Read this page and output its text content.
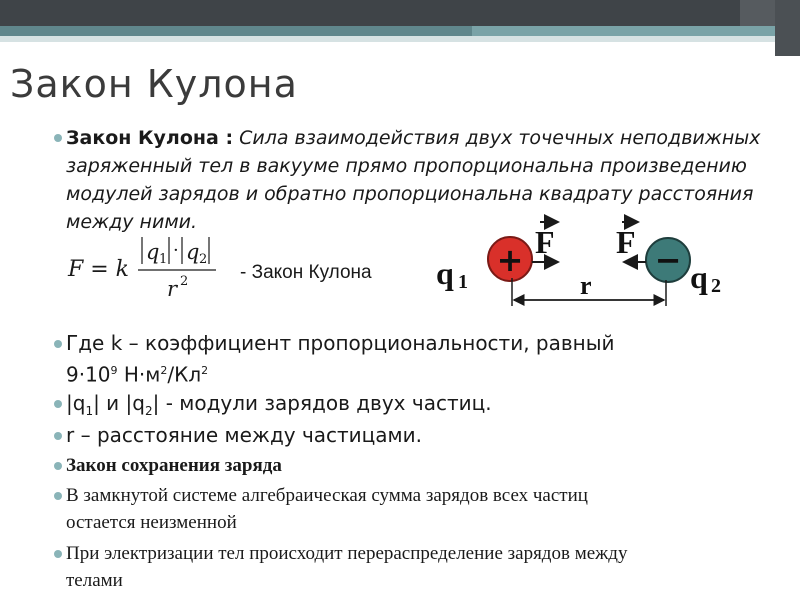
Закон Кулона
Закон Кулона : Сила взаимодействия двух точечных неподвижных заряженный тел в вакууме прямо пропорциональна произведению модулей зарядов и обратно пропорциональна квадрату расстояния между ними.
F = k
q 1 · q 2
r 2	- Закон Кулона q 1
+ F	−
F
q 2
r
Где k – коэффициент пропорциональности, равный
$9\cdot 10^9$ $Н\cdot м^2/Кл^2$
$|q_1|$ и $|q_2|$ - модули зарядов двух частиц.
r – расстояние между частицами.
Закон сохранения заряда
В замкнутой системе алгебраическая сумма зарядов всех частиц
остается неизменной
При электризации тел происходит перераспределение зарядов между
телами
